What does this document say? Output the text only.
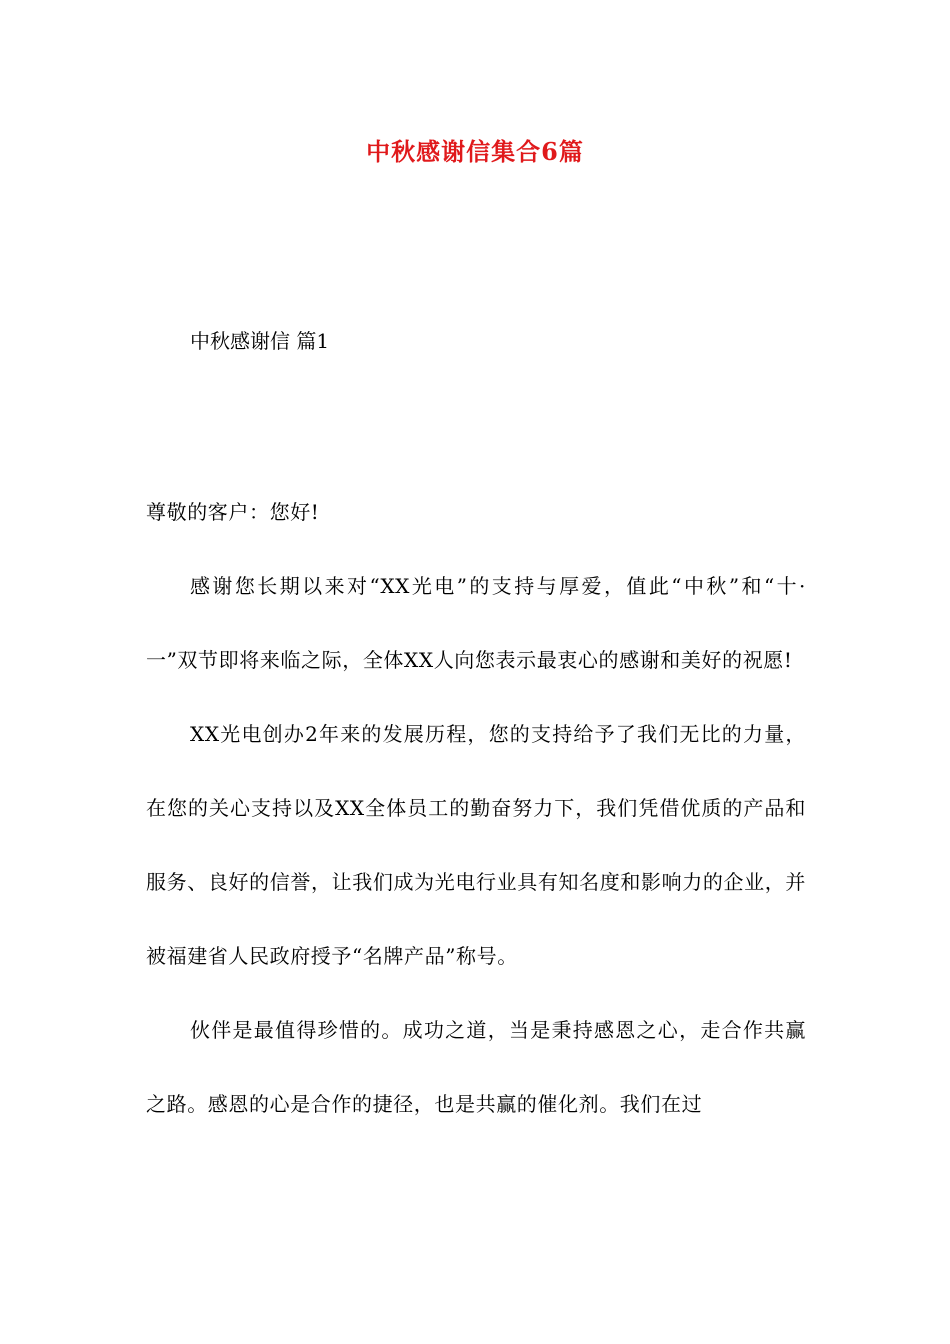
中秋感谢信集合6篇
中秋感谢信 篇1

尊敬的客户：您好!

感谢您长期以来对“XX光电”的支持与厚爱，值此“中秋”和“十·一”双节即将来临之际，全体XX人向您表示最衷心的感谢和美好的祝愿!

XX光电创办2年来的发展历程，您的支持给予了我们无比的力量，在您的关心支持以及XX全体员工的勤奋努力下，我们凭借优质的产品和服务、良好的信誉，让我们成为光电行业具有知名度和影响力的企业，并被福建省人民政府授予“名牌产品”称号。

伙伴是最值得珍惜的。成功之道，当是秉持感恩之心，走合作共赢之路。感恩的心是合作的捷径，也是共赢的催化剂。我们在过
